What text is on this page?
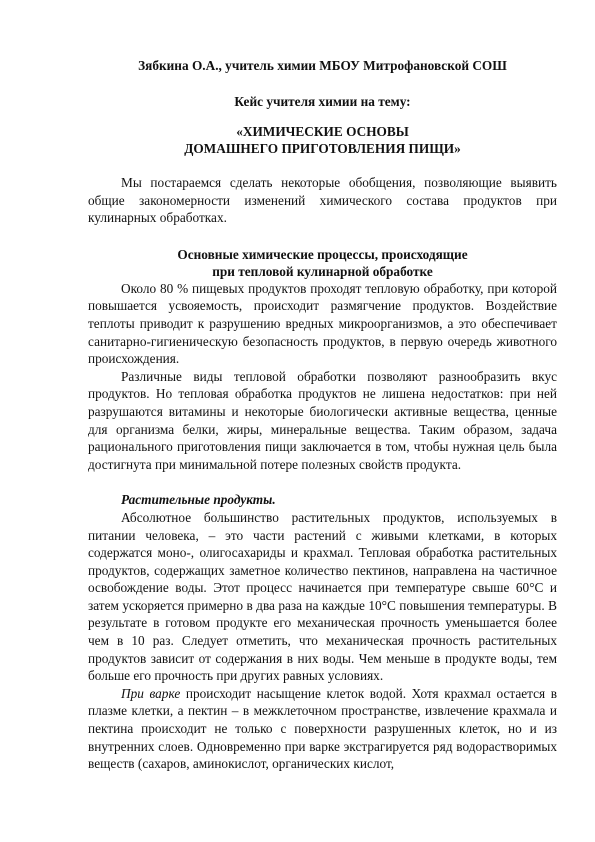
Зябкина О.А., учитель химии МБОУ Митрофановской СОШ

Кейс учителя химии на тему:

«ХИМИЧЕСКИЕ ОСНОВЫ
ДОМАШНЕГО ПРИГОТОВЛЕНИЯ ПИЩИ»

Мы постараемся сделать некоторые обобщения, позволяющие выявить общие закономерности изменений химического состава продуктов при кулинарных обработках.

Основные химические процессы, происходящие
при тепловой кулинарной обработке

Около 80 % пищевых продуктов проходят тепловую обработку, при которой повышается усвояемость, происходит размягчение продуктов. Воздействие теплоты приводит к разрушению вредных микроорганизмов, а это обеспечивает санитарно-гигиеническую безопасность продуктов, в первую очередь животного происхождения.

Различные виды тепловой обработки позволяют разнообразить вкус продуктов. Но тепловая обработка продуктов не лишена недостатков: при ней разрушаются витамины и некоторые биологически активные вещества, ценные для организма белки, жиры, минеральные вещества. Таким образом, задача рационального приготовления пищи заключается в том, чтобы нужная цель была достигнута при минимальной потере полезных свойств продукта.

Растительные продукты.

Абсолютное большинство растительных продуктов, используемых в питании человека, – это части растений с живыми клетками, в которых содержатся моно-, олигосахариды и крахмал. Тепловая обработка растительных продуктов, содержащих заметное количество пектинов, направлена на частичное освобождение воды. Этот процесс начинается при температуре свыше 60°C и затем ускоряется примерно в два раза на каждые 10°C повышения температуры. В результате в готовом продукте его механическая прочность уменьшается более чем в 10 раз. Следует отметить, что механическая прочность растительных продуктов зависит от содержания в них воды. Чем меньше в продукте воды, тем больше его прочность при других равных условиях.

При варке происходит насыщение клеток водой. Хотя крахмал остается в плазме клетки, а пектин – в межклеточном пространстве, извлечение крахмала и пектина происходит не только с поверхности разрушенных клеток, но и из внутренних слоев. Одновременно при варке экстрагируется ряд водорастворимых веществ (сахаров, аминокислот, органических кислот,
